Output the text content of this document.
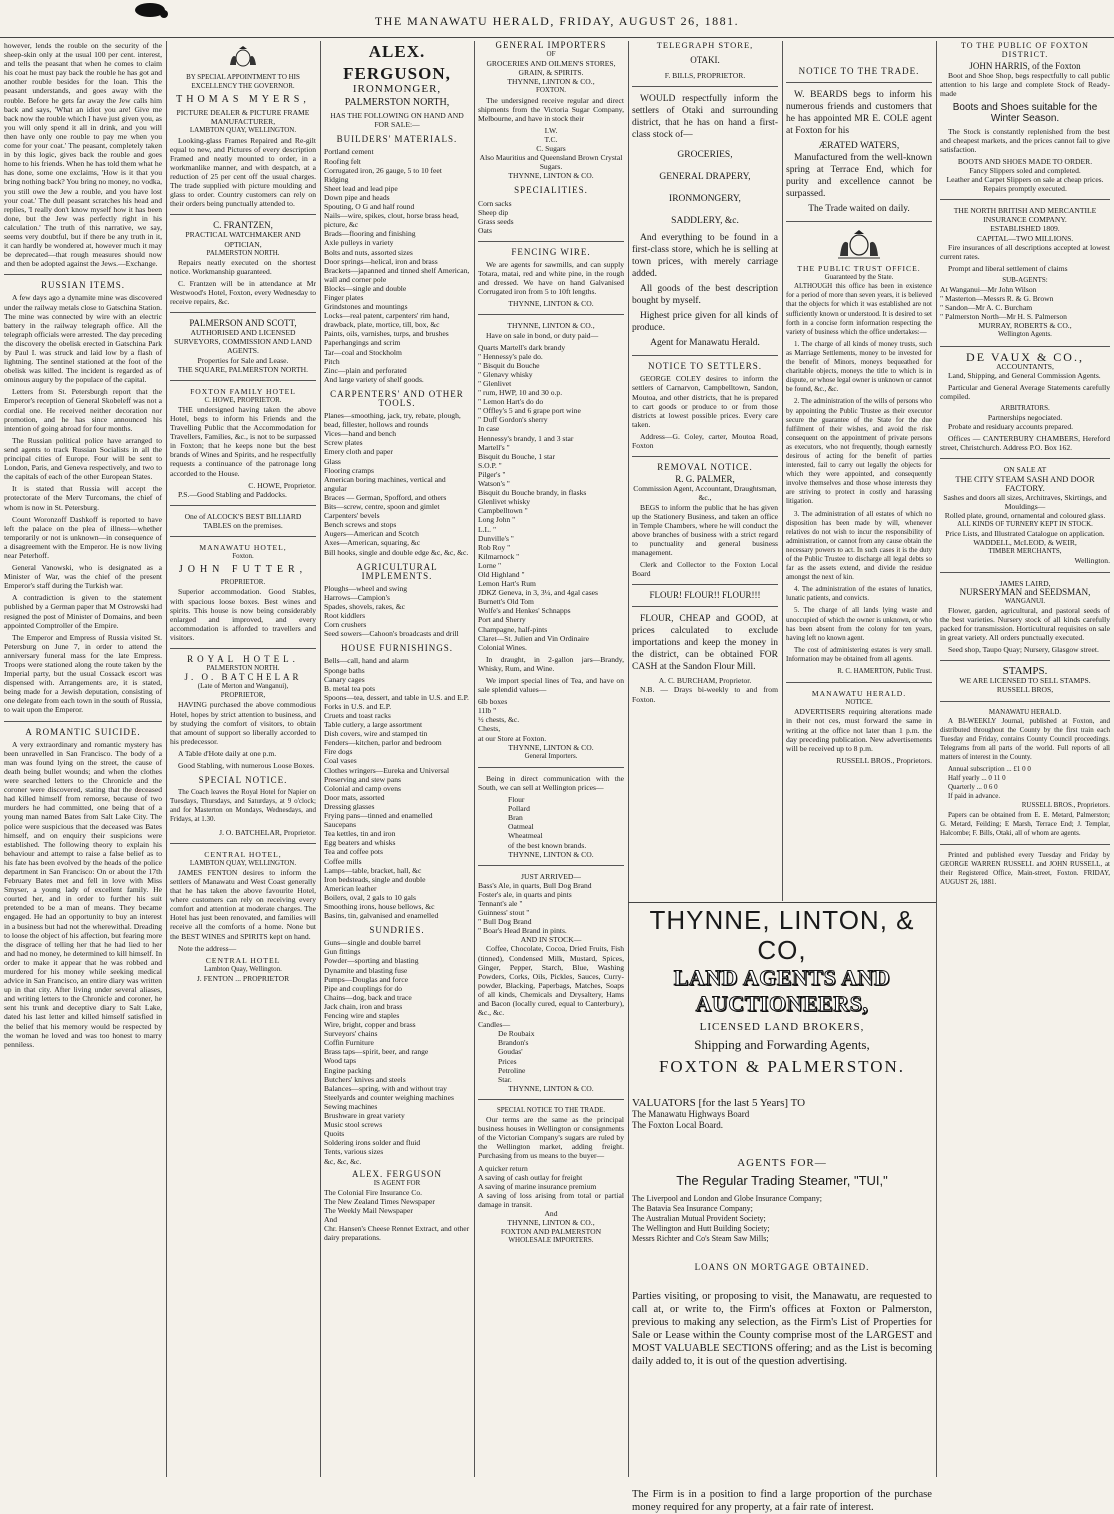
THE MANAWATU HERALD, FRIDAY, AUGUST 26, 1881.
however, lends the rouble on the security of the sheep-skin only at the usual 100 per cent. interest, and tells the peasant that when he comes to claim his coat he must pay back the rouble he has got and another rouble besides for the loan. This the peasant understands, and goes away with the rouble. Before he gets far away the Jew calls him back and says, 'What an idiot you are! Give me back now the rouble which I have just given you, as you will only spend it all in drink, and you will then have only one rouble to pay me when you come for your coat.' The peasant, completely taken in by this logic, gives back the rouble and goes home to his friends. When he has told them what he has done, some one exclaims, 'How is it that you bring nothing back? You bring no money, no vodka, you still owe the Jew a rouble, and you have lost your coat.' The dull peasant scratches his head and replies, 'I really don't know myself how it has been done, but the Jew was perfectly right in his calculation.' The truth of this narrative, we say, seems very doubtful, but if there be any truth in it, it can hardly be wondered at, however much it may be deprecated—that rough measures should now and then be adopted against the Jews.—Exchange.
RUSSIAN ITEMS.
A few days ago a dynamite mine was discovered under the railway metals close to Gatschina Station. The mine was connected by wire with an electric battery in the railway telegraph office. All the telegraph officials were arrested. The day preceding the discovery the obelisk erected in Gatschina Park by Paul I. was struck and laid low by a flash of lightning. The sentinel stationed at the foot of the obelisk was killed. The incident is regarded as of ominous augury by the populace of the capital.
Letters from St. Petersburgh report that the Emperor's reception of General Skobeleff was not a cordial one. He received neither decoration nor promotion, and he has since announced his intention of going abroad for four months.
The Russian political police have arranged to send agents to track Russian Socialists in all the principal cities of Europe. Four will be sent to London, Paris, and Geneva respectively, and two to the capitals of each of the other European States.
It is stated that Russia will accept the protectorate of the Merv Turcomans, the chief of whom is now in St. Petersburg.
Count Woronzoff Dashkoff is reported to have left the palace on the plea of illness—whether temporarily or not is unknown—in consequence of a disagreement with the Emperor. He is now living near Peterhoff.
General Vanowski, who is designated as a Minister of War, was the chief of the present Emperor's staff during the Turkish war.
A contradiction is given to the statement published by a German paper that M Ostrowski had resigned the post of Minister of Domains, and been appointed Comptroller of the Empire.
The Emperor and Empress of Russia visited St. Petersburg on June 7, in order to attend the anniversary funeral mass for the late Empress. Troops were stationed along the route taken by the Imperial party, but the usual Cossack escort was dispensed with. Arrangements are, it is stated, being made for a Jewish deputation, consisting of one delegate from each town in the south of Russia, to wait upon the Emperor.
A ROMANTIC SUICIDE.
A very extraordinary and romantic mystery has been unravelled in San Francisco. The body of a man was found lying on the street, the cause of death being bullet wounds; and when the clothes were searched letters to the Chronicle and the coroner were discovered, stating that the deceased had killed himself from remorse, because of two murders he had committed, one being that of a young man named Bates from Salt Lake City. The police were suspicious that the deceased was Bates himself, and on enquiry their suspicions were established. The following theory to explain his behaviour and attempt to raise a false belief as to his fate has been evolved by the heads of the police department in San Francisco: On or about the 17th February Bates met and fell in love with Miss Smyser, a young lady of excellent family. He courted her, and in order to further his suit pretended to be a man of means. They became engaged. He had an opportunity to buy an interest in a business but had not the wherewithal. Dreading to loose the object of his affection, but fearing more the disgrace of telling her that he had lied to her and had no money, he determined to kill himself. In order to make it appear that he was robbed and murdered for his money while seeking medical advice in San Francisco, an entire diary was written up in that city. After living under several aliases, and writing letters to the Chronicle and coroner, he sent his trunk and deceptive diary to Salt Lake, dated his last letter and killed himself satisfied in the belief that his memory would be respected by the woman he loved and was too honest to marry penniless.
BY SPECIAL APPOINTMENT TO HIS EXCELLENCY THE GOVERNOR.
THOMAS MYERS,
PICTURE DEALER & PICTURE FRAME MANUFACTURER,
LAMBTON QUAY, WELLINGTON.
Looking-glass Frames Repaired and Re-gilt equal to new, and Pictures of every description Framed and neatly mounted to order, in a workmanlike manner, and with despatch, at a reduction of 25 per cent off the usual charges. The trade supplied with picture moulding and glass to order. Country customers can rely on their orders being punctually attended to.
C. FRANTZEN,
PRACTICAL WATCHMAKER AND OPTICIAN,
PALMERSTON NORTH.
Repairs neatly executed on the shortest notice. Workmanship guaranteed.
C. Frantzen will be in attendance at Mr Westwood's Hotel, Foxton, every Wednesday to receive repairs, &c.
PALMERSON AND SCOTT,
AUTHORISED AND LICENSED SURVEYORS, COMMISSION AND LAND AGENTS.
Properties for Sale and Lease.
THE SQUARE, PALMERSTON NORTH.
FOXTON FAMILY HOTEL
C. HOWE, PROPRIETOR.
THE undersigned having taken the above Hotel, begs to inform his Friends and the Travelling Public that the Accommodation for Travellers, Families, &c., is not to be surpassed in Foxton; that he keeps none but the best brands of Wines and Spirits, and he respectfully requests a continuance of the patronage long accorded to the House.
C. HOWE, Proprietor.
P.S.—Good Stabling and Paddocks.
One of ALCOCK'S BEST BILLIARD TABLES on the premises.
MANAWATU HOTEL,
Foxton.
JOHN FUTTER,
PROPRIETOR.
Superior accommodation. Good Stables, with spacious loose boxes. Best wines and spirits. This house is now being considerably enlarged and improved, and every accommodation is afforded to travellers and visitors.
ROYAL HOTEL.
PALMERSTON NORTH.
J. O. BATCHELAR
(Late of Merton and Wanganui),
PROPRIETOR,
HAVING purchased the above commodious Hotel, hopes by strict attention to business, and by studying the comfort of visitors, to obtain that amount of support so liberally accorded to his predecessor.
A Table d'Hote daily at one p.m.
Good Stabling, with numerous Loose Boxes.
SPECIAL NOTICE.
The Coach leaves the Royal Hotel for Napier on Tuesdays, Thursdays, and Saturdays, at 9 o'clock; and for Masterton on Mondays, Wednesdays, and Fridays, at 1.30.
J. O. BATCHELAR, Proprietor.
CENTRAL HOTEL,
LAMBTON QUAY, WELLINGTON.
JAMES FENTON desires to inform the settlers of Manawatu and West Coast generally that he has taken the above favourite Hotel, where customers can rely on receiving every comfort and attention at moderate charges. The Hotel has just been renovated, and families will receive all the comforts of a home. None but the BEST WINES and SPIRITS kept on hand.
Note the address—
CENTRAL HOTEL
Lambton Quay, Wellington.
J. FENTON ... PROPRIETOR
ALEX. FERGUSON,
IRONMONGER,
PALMERSTON NORTH,
HAS THE FOLLOWING ON HAND AND FOR SALE:—
BUILDERS' MATERIALS.
Portland cement
Roofing felt
Corrugated iron, 26 gauge, 5 to 10 feet
Ridging
Sheet lead and lead pipe
Down pipe and heads
Spouting, O G and half round
Nails—wire, spikes, clout, horse brass head, picture, &c
Brads—flooring and finishing
Axle pulleys in variety
Bolts and nuts, assorted sizes
Door springs—helical, iron and brass
Brackets—japanned and tinned shelf American, wall and corner pole
Blocks—single and double
Finger plates
Grindstones and mountings
Locks—real patent, carpenters' rim hand, drawback, plate, mortice, till, box, &c
Paints, oils, varnishes, turps, and brushes
Paperhangings and scrim
Tar—coal and Stockholm
Pitch
Zinc—plain and perforated
And large variety of shelf goods.
CARPENTERS' AND OTHER TOOLS.
Planes—smoothing, jack, try, rebate, plough, bead, fillester, hollows and rounds
Vices—hand and bench
Screw plates
Emery cloth and paper
Glass
Flooring cramps
American boring machines, vertical and angular
Braces — German, Spofford, and others
Bits—screw, centre, spoon and gimlet
Carpenters' bevels
Bench screws and stops
Augers—American and Scotch
Axes—American, squaring, &c
Bill hooks, single and double edge &c, &c, &c.
AGRICULTURAL IMPLEMENTS.
Ploughs—wheel and swing
Harrows—Campion's
Spades, shovels, rakes, &c
Root kiddlers
Corn crushers
Seed sowers—Cahoon's broadcasts and drill
HOUSE FURNISHINGS.
Bells—call, hand and alarm
Sponge baths
Canary cages
B. metal tea pots
Spoons—tea, dessert, and table in U.S. and E.P.
Forks in U.S. and E.P.
Cruets and toast racks
Table cutlery, a large assortment
Dish covers, wire and stamped tin
Fenders—kitchen, parlor and bedroom
Fire dogs
Coal vases
Clothes wringers—Eureka and Universal
Preserving and stew pans
Colonial and camp ovens
Door mats, assorted
Dressing glasses
Frying pans—tinned and enamelled
Saucepans
Tea kettles, tin and iron
Egg beaters and whisks
Tea and coffee pots
Coffee mills
Lamps—table, bracket, hall, &c
Iron bedsteads, single and double
American leather
Boilers, oval, 2 gals to 10 gals
Smoothing irons, house bellows, &c
Basins, tin, galvanised and enamelled
SUNDRIES.
Guns—single and double barrel
Gun fittings
Powder—sporting and blasting
Dynamite and blasting fuse
Pumps—Douglas and force
Pipe and couplings for do
Chains—dog, back and trace
Jack chain, iron and brass
Fencing wire and staples
Wire, bright, copper and brass
Surveyors' chains
Coffin Furniture
Brass taps—spirit, beer, and range
Wood taps
Engine packing
Butchers' knives and steels
Balances—spring, with and without tray
Steelyards and counter weighing machines
Sewing machines
Brushware in great variety
Music stool screws
Quoits
Soldering irons solder and fluid
Tents, various sizes
&c, &c, &c.
ALEX. FERGUSON
IS AGENT FOR
The Colonial Fire Insurance Co.
The New Zealand Times Newspaper
The Weekly Mail Newspaper
And
Chr. Hansen's Cheese Rennet Extract, and other dairy preparations.
GENERAL IMPORTERS
OF
GROCERIES AND OILMEN'S STORES, GRAIN, & SPIRITS.
THYNNE, LINTON & CO.,
FOXTON.
The undersigned receive regular and direct shipments from the Victoria Sugar Company, Melbourne, and have in stock their
I.W.
T.C.
C. Sugars
Also Mauritius and Queensland Brown Crystal Sugars.
THYNNE, LINTON & CO.
SPECIALITIES.
Corn sacks
Sheep dip
Grass seeds
Oats
FENCING WIRE.
We are agents for sawmills, and can supply Totara, matai, red and white pine, in the rough and dressed. We have on hand Galvanised Corrugated iron from 5 to 10ft lengths.
THYNNE, LINTON & CO.
THYNNE, LINTON & CO.,
Have on sale in bond, or duty paid—
Quarts Martell's dark brandy
" Hennessy's pale do.
" Bisquit du Bouche
" Glenavy whisky
" Glenlivet
" rum, HWP, 10 and 30 o.p.
" Lemon Hart's do do
" Offley's 5 and 6 grape port wine
" Duff Gordon's sherry
In case
Hennessy's brandy, 1 and 3 star
Martell's "
Bisquit du Bouche, 1 star
S.O.P. "
Pilger's "
Watson's "
Bisquit du Bouche brandy, in flasks
Glenlivet whisky
Campbelltown "
Long John "
L.L. "
Dunville's "
Rob Roy "
Kilmarnock "
Lorne "
Old Highland "
Lemon Hart's Rum
JDKZ Geneva, in 3, 3¼, and 4gal cases
Burnett's Old Tom
Wolfe's and Henkes' Schnapps
Port and Sherry
Champagne, half-pints
Claret—St. Julien and Vin Ordinaire
Colonial Wines.
In draught, in 2-gallon jars—Brandy, Whisky, Rum, and Wine.
We import special lines of Tea, and have on sale splendid values—
6lb boxes
11lb "
½ chests, &c.
Chests,
at our Store at Foxton.
THYNNE, LINTON & CO.
General Importers.
Being in direct communication with the South, we can sell at Wellington prices—
Flour
Pollard
Bran
Oatmeal
Wheatmeal
of the best known brands.
THYNNE, LINTON & CO.
JUST ARRIVED—
Bass's Ale, in quarts, Bull Dog Brand
Foster's ale, in quarts and pints
Tennant's ale "
Guinness' stout "
" Bull Dog Brand
" Boar's Head Brand in pints.
AND IN STOCK—
Coffee, Chocolate, Cocoa, Dried Fruits, Fish (tinned), Condensed Milk, Mustard, Spices, Ginger, Pepper, Starch, Blue, Washing Powders, Corks, Oils, Pickles, Sauces, Curry-powder, Blacking, Paperbags, Matches, Soaps of all kinds, Chemicals and Drysaltery, Hams and Bacon (locally cured, equal to Canterbury), &c., &c.
Candles—
De Roubaix
Brandon's
Goudas'
Prices
Petroline
Star.
THYNNE, LINTON & CO.
SPECIAL NOTICE TO THE TRADE.
Our terms are the same as the principal business houses in Wellington or consignments of the Victorian Company's sugars are ruled by the Wellington market, adding freight. Purchasing from us means to the buyer—
A quicker return
A saving of cash outlay for freight
A saving of marine insurance premium
A saving of loss arising from total or partial damage in transit.
And
THYNNE, LINTON & CO.,
FOXTON AND PALMERSTON
WHOLESALE IMPORTERS.
TELEGRAPH STORE,
OTAKI.
F. BILLS, PROPRIETOR.
WOULD respectfully inform the settlers of Otaki and surrounding district, that he has on hand a first-class stock of—
GROCERIES,
GENERAL DRAPERY,
IRONMONGERY,
SADDLERY, &c.
And everything to be found in a first-class store, which he is selling at town prices, with merely carriage added.
All goods of the best description bought by myself.
Highest price given for all kinds of produce.
Agent for Manawatu Herald.
NOTICE TO SETTLERS.
GEORGE COLEY desires to inform the settlers of Carnarvon, Campbelltown, Sandon, Moutoa, and other districts, that he is prepared to cart goods or produce to or from those districts at lowest possible prices. Every care taken.
Address—G. Coley, carter, Moutoa Road, Foxton
REMOVAL NOTICE.
R. G. PALMER,
Commission Agent, Accountant, Draughtsman, &c.,
BEGS to inform the public that he has given up the Stationery Business, and taken an office in Temple Chambers, where he will conduct the above branches of business with a strict regard to punctuality and general business management.
Clerk and Collector to the Foxton Local Board
FLOUR! FLOUR!! FLOUR!!!
FLOUR, CHEAP and GOOD, at prices calculated to exclude importations and keep the money in the district, can be obtained FOR CASH at the Sandon Flour Mill.
A. C. BURCHAM, Proprietor.
N.B. — Drays bi-weekly to and from Foxton.
NOTICE TO THE TRADE.
W. BEARDS begs to inform his numerous friends and customers that he has appointed MR E. COLE agent at Foxton for his
ÆRATED WATERS,
Manufactured from the well-known spring at Terrace End, which for purity and excellence cannot be surpassed.
The Trade waited on daily.
THE PUBLIC TRUST OFFICE.
Guaranteed by the State.
ALTHOUGH this office has been in existence for a period of more than seven years, it is believed that the objects for which it was established are not sufficiently known or understood. It is desired to set forth in a concise form information respecting the variety of business which the office undertakes:—
1. The charge of all kinds of money trusts, such as Marriage Settlements, money to be invested for the benefit of Minors, moneys bequeathed for charitable objects, moneys the title to which is in dispute, or whose legal owner is unknown or cannot be found, &c., &c.
2. The administration of the wills of persons who by appointing the Public Trustee as their executor secure the guarantee of the State for the due fulfilment of their wishes, and avoid the risk consequent on the appointment of private persons as executors, who not frequently, though earnestly desirous of acting for the benefit of parties interested, fail to carry out legally the objects for which they were appointed, and consequently involve themselves and those whose interests they are striving to protect in costly and harassing litigation.
3. The administration of all estates of which no disposition has been made by will, whenever relatives do not wish to incur the responsibility of administration, or cannot from any cause obtain the necessary powers to act. In such cases it is the duty of the Public Trustee to discharge all legal debts so far as the assets extend, and divide the residue amongst the next of kin.
4. The administration of the estates of lunatics, lunatic patients, and convicts.
5. The charge of all lands lying waste and unoccupied of which the owner is unknown, or who has been absent from the colony for ten years, having left no known agent.
The cost of administering estates is very small. Information may be obtained from all agents.
R. C. HAMERTON, Public Trust.
MANAWATU HERALD.
NOTICE.
ADVERTISERS requiring alterations made in their not ces, must forward the same in writing at the office not later than 1 p.m. the day preceding publication. New advertisements will be received up to 8 p.m.
RUSSELL BROS., Proprietors.
THYNNE, LINTON, & CO,
LAND AGENTS AND AUCTIONEERS,
LICENSED LAND BROKERS,
Shipping and Forwarding Agents,
FOXTON & PALMERSTON.
VALUATORS [for the last 5 Years] TO
The Manawatu Highways Board
The Foxton Local Board.
AGENTS FOR—
The Regular Trading Steamer, "TUI,"
The Liverpool and London and Globe Insurance Company;
The Batavia Sea Insurance Company;
The Australian Mutual Provident Society;
The Wellington and Hutt Building Society;
Messrs Richter and Co's Steam Saw Mills;
LOANS ON MORTGAGE OBTAINED.
Parties visiting, or proposing to visit, the Manawatu, are requested to call at, or write to, the Firm's offices at Foxton or Palmerston, previous to making any selection, as the Firm's List of Properties for Sale or Lease within the County comprise most of the LARGEST and MOST VALUABLE SECTIONS offering; and as the List is becoming daily added to, it is out of the question advertising.
The Firm is in a position to find a large proportion of the purchase money required for any property, at a fair rate of interest.
TO THE PUBLIC OF FOXTON DISTRICT.
JOHN HARRIS, of the Foxton
Boot and Shoe Shop, begs respectfully to call public attention to his large and complete Stock of Ready-made
Boots and Shoes suitable for the Winter Season.
The Stock is constantly replenished from the best and cheapest markets, and the prices cannot fail to give satisfaction.
BOOTS AND SHOES MADE TO ORDER.
Fancy Slippers soled and completed.
Leather and Carpet Slippers on sale at cheap prices.
Repairs promptly executed.
THE NORTH BRITISH AND MERCANTILE INSURANCE COMPANY.
ESTABLISHED 1809.
CAPITAL—TWO MILLIONS.
Fire insurances of all descriptions accepted at lowest current rates.
Prompt and liberal settlement of claims
SUB-AGENTS:
At Wanganui—Mr John Wilson
" Masterton—Messrs R. & G. Brown
" Sandon—Mr A. C. Burcham
" Palmerston North—Mr H. S. Palmerson
MURRAY, ROBERTS & CO.,
Wellington Agents.
DE VAUX & CO.,
ACCOUNTANTS,
Land, Shipping, and General Commission Agents.
Particular and General Average Statements carefully compiled.
ARBITRATORS.
Partnerships negociated.
Probate and residuary accounts prepared.
Offices — CANTERBURY CHAMBERS, Hereford street, Christchurch. Address P.O. Box 162.
ON SALE AT
THE CITY STEAM SASH AND DOOR FACTORY.
Sashes and doors all sizes, Architraves, Skirtings, and Mouldings—
Rolled plate, ground, ornamental and coloured glass.
ALL KINDS OF TURNERY KEPT IN STOCK.
Price Lists, and Illustrated Catalogue on application.
WADDELL, McLEOD, & WEIR,
TIMBER MERCHANTS,
Wellington.
JAMES LAIRD,
NURSERYMAN and SEEDSMAN,
WANGANUI.
Flower, garden, agricultural, and pastoral seeds of the best varieties. Nursery stock of all kinds carefully packed for transmission. Horticultural requisites on sale in great variety. All orders punctually executed.
Seed shop, Taupo Quay; Nursery, Glasgow street.
STAMPS.
WE ARE LICENSED TO SELL STAMPS.
RUSSELL BROS,
MANAWATU HERALD.
A BI-WEEKLY Journal, published at Foxton, and distributed throughout the County by the first train each Tuesday and Friday, contains County Council proceedings. Telegrams from all parts of the world. Full reports of all matters of interest in the County.
Annual subscription ... £1 0 0
Half yearly ... 0 11 0
Quarterly ... 0 6 0
If paid in advance.
RUSSELL BROS., Proprietors.
Papers can be obtained from E. E. Metard, Palmerston; G. Metard, Feilding; E Marsh, Terrace End; J. Templar, Halcombe; F. Bills, Otaki, all of whom are agents.
Printed and published every Tuesday and Friday by GEORGE WARREN RUSSELL and JOHN RUSSELL, at their Registered Office, Main-street, Foxton. FRIDAY, AUGUST 26, 1881.
